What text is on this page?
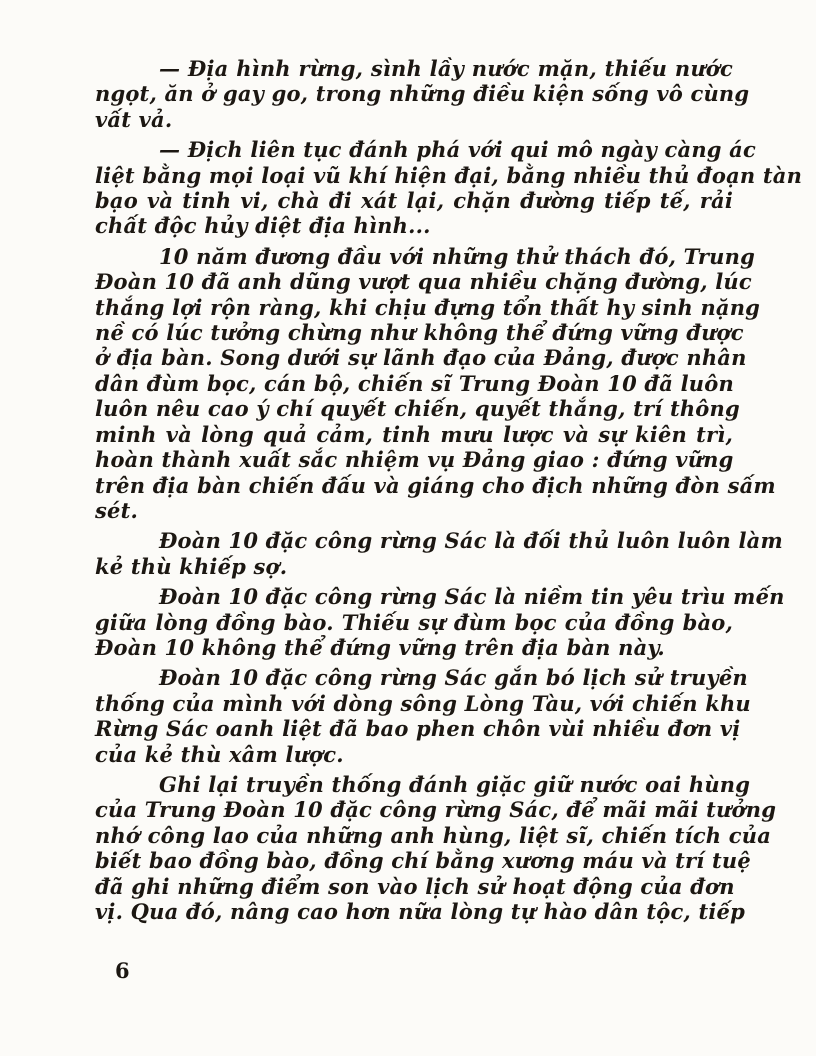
— Địa hình rừng, sình lầy nước mặn, thiếu nước
ngọt, ăn ở gay go, trong những điều kiện sống vô cùng
vất vả.
— Địch liên tục đánh phá với qui mô ngày càng ác
liệt bằng mọi loại vũ khí hiện đại, bằng nhiều thủ đoạn tàn
bạo và tinh vi, chà đi xát lại, chặn đường tiếp tế, rải
chất độc hủy diệt địa hình...
10 năm đương đầu với những thử thách đó, Trung
Đoàn 10 đã anh dũng vượt qua nhiều chặng đường, lúc
thắng lợi rộn ràng, khi chịu đựng tổn thất hy sinh nặng
nề có lúc tưởng chừng như không thể đứng vững được
ở địa bàn. Song dưới sự lãnh đạo của Đảng, được nhân
dân đùm bọc, cán bộ, chiến sĩ Trung Đoàn 10 đã luôn
luôn nêu cao ý chí quyết chiến, quyết thắng, trí thông
minh và lòng quả cảm, tinh mưu lược và sự kiên trì,
hoàn thành xuất sắc nhiệm vụ Đảng giao : đứng vững
trên địa bàn chiến đấu và giáng cho địch những đòn sấm
sét.
Đoàn 10 đặc công rừng Sác là đối thủ luôn luôn làm
kẻ thù khiếp sợ.
Đoàn 10 đặc công rừng Sác là niềm tin yêu trìu mến
giữa lòng đồng bào. Thiếu sự đùm bọc của đồng bào,
Đoàn 10 không thể đứng vững trên địa bàn này.
Đoàn 10 đặc công rừng Sác gắn bó lịch sử truyền
thống của mình với dòng sông Lòng Tàu, với chiến khu
Rừng Sác oanh liệt đã bao phen chôn vùi nhiều đơn vị
của kẻ thù xâm lược.
Ghi lại truyền thống đánh giặc giữ nước oai hùng
của Trung Đoàn 10 đặc công rừng Sác, để mãi mãi tưởng
nhớ công lao của những anh hùng, liệt sĩ, chiến tích của
biết bao đồng bào, đồng chí bằng xương máu và trí tuệ
đã ghi những điểm son vào lịch sử hoạt động của đơn
vị. Qua đó, nâng cao hơn nữa lòng tự hào dân tộc, tiếp
6
